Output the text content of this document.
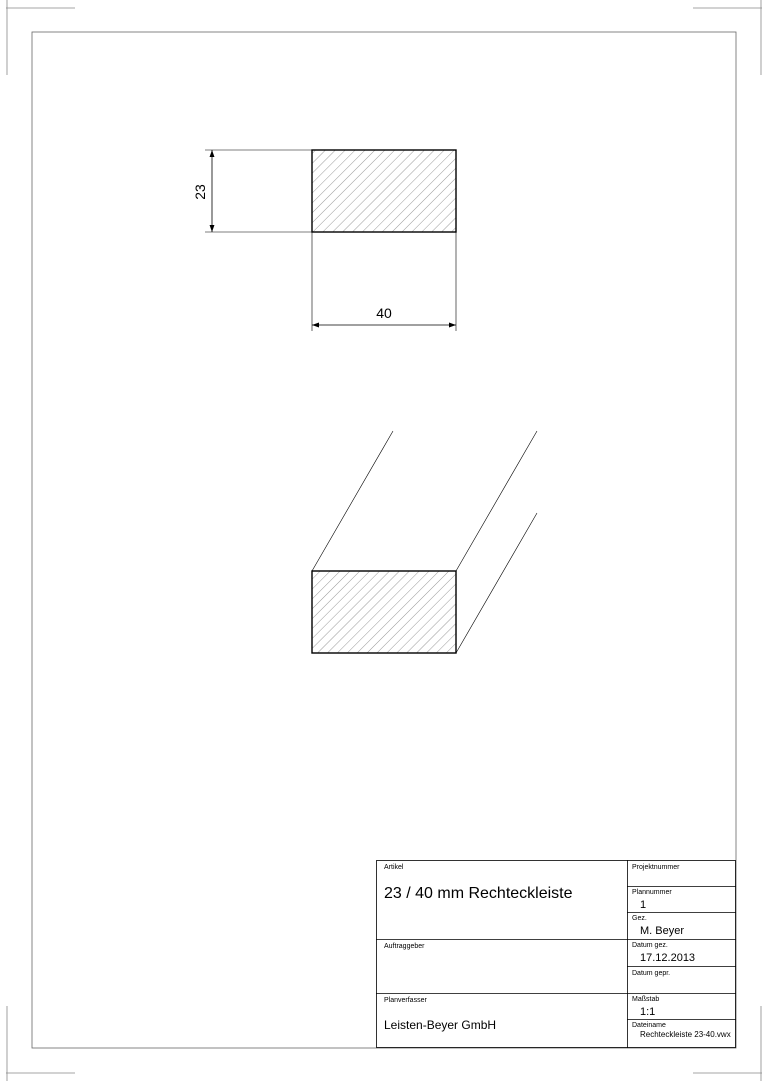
23
40
Artikel
23 / 40 mm Rechteckleiste
Auftraggeber
Planverfasser
Leisten-Beyer GmbH
Projektnummer
Plannummer
1
Gez.
M. Beyer
Datum gez.
17.12.2013
Datum gepr.
Maßstab
1:1
Dateiname
Rechteckleiste 23-40.vwx
